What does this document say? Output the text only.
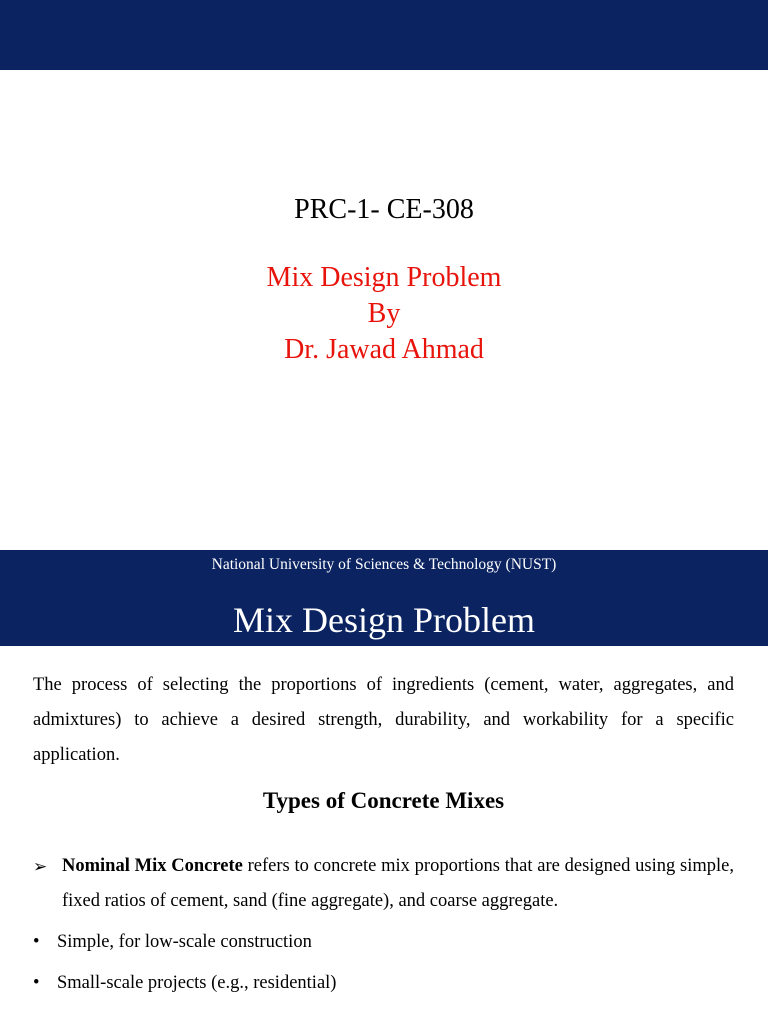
PRC-1- CE-308
Mix Design Problem
By
Dr. Jawad Ahmad
National University of Sciences & Technology (NUST)
Mix Design Problem

The process of selecting the proportions of ingredients (cement, water, aggregates, and admixtures) to achieve a desired strength, durability, and workability for a specific application.

Types of Concrete Mixes
➢ Nominal Mix Concrete refers to concrete mix proportions that are designed using simple, fixed ratios of cement, sand (fine aggregate), and coarse aggregate.
• Simple, for low-scale construction
• Small-scale projects (e.g., residential)
